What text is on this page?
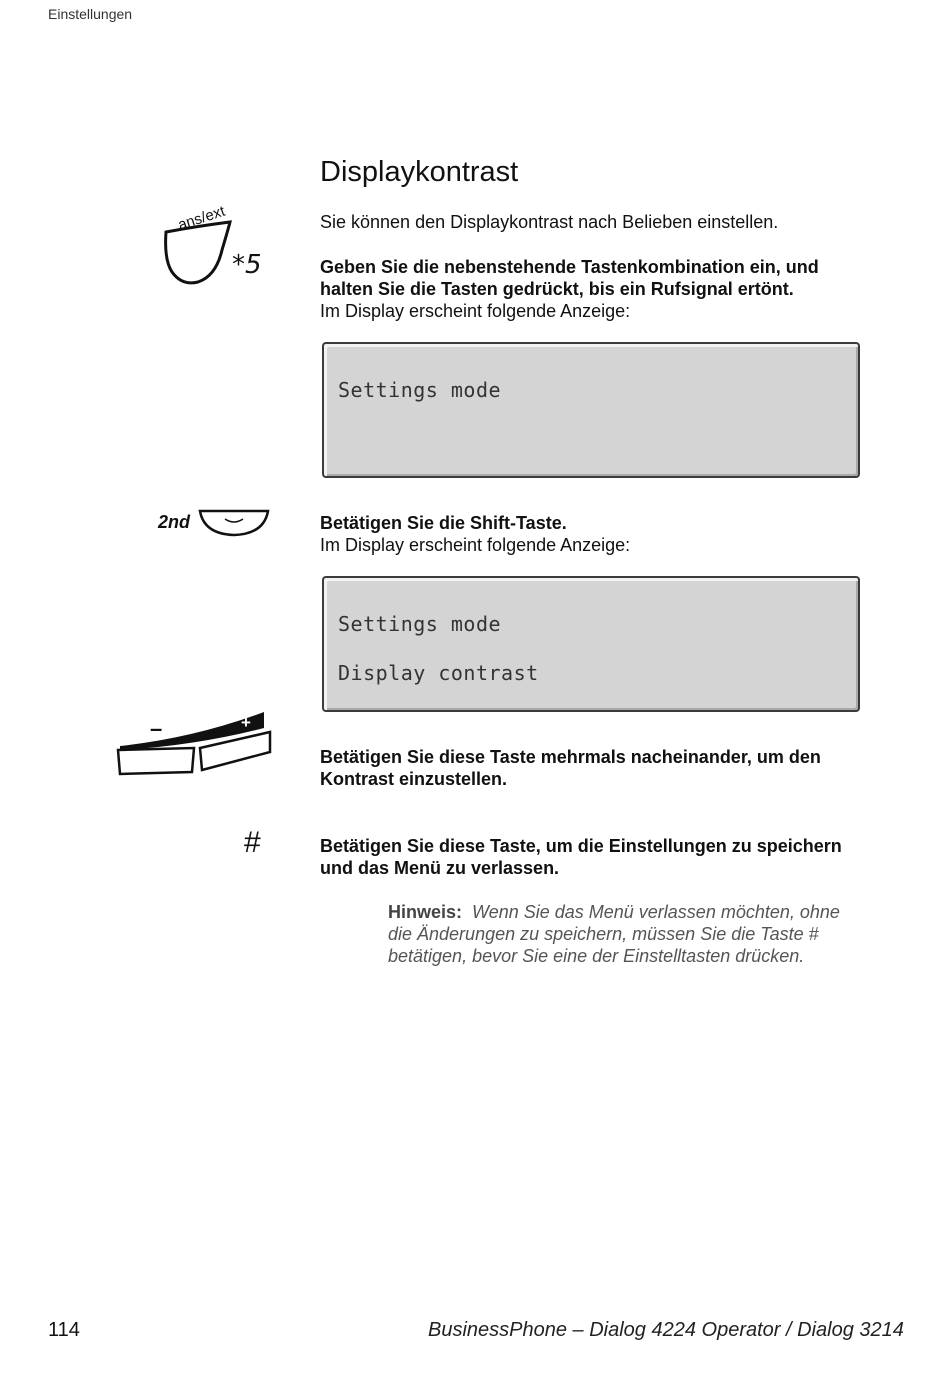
Einstellungen
Displaykontrast
Sie können den Displaykontrast nach Belieben einstellen.
ans/ext
*5	Geben Sie die nebenstehende Tastenkombination ein, und
halten Sie die Tasten gedrückt, bis ein Rufsignal ertönt.
Im Display erscheint folgende Anzeige:
Settings mode
2nd	Betätigen Sie die Shift-Taste.
Im Display erscheint folgende Anzeige:
Settings mode
Display contrast
–	+
Betätigen Sie diese Taste mehrmals nacheinander, um den
Kontrast einzustellen.
#	Betätigen Sie diese Taste, um die Einstellungen zu speichern
und das Menü zu verlassen.
Hinweis: Wenn Sie das Menü verlassen möchten, ohne
die Änderungen zu speichern, müssen Sie die Taste #
betätigen, bevor Sie eine der Einstelltasten drücken.
114	BusinessPhone – Dialog 4224 Operator / Dialog 3214
